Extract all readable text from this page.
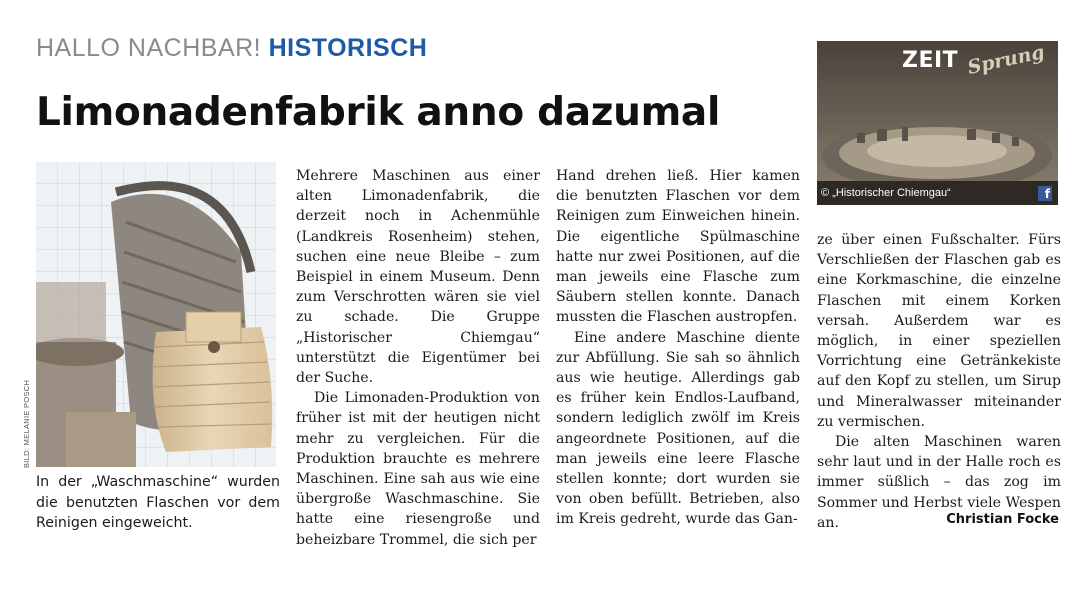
HALLO NACHBAR! HISTORISCH
Limonadenfabrik anno dazumal
BILD: MELANIE POSCH

In der „Waschmaschine“ wurden die benutzten Flaschen vor dem Reinigen eingeweicht.

ZEIT Sprung
© „Historischer Chiemgau“	f
Mehrere Maschinen aus einer alten Limonadenfabrik, die derzeit noch in Achenmühle (Landkreis Rosenheim) stehen, suchen eine neue Bleibe – zum Beispiel in einem Museum. Denn zum Verschrotten wären sie viel zu schade. Die Gruppe „Historischer Chiemgau“ unterstützt die Eigentümer bei der Suche.
Die Limonaden-Produktion von früher ist mit der heutigen nicht mehr zu vergleichen. Für die Produktion brauchte es mehrere Maschinen. Eine sah aus wie eine übergroße Waschmaschine. Sie hatte eine riesengroße und beheizbare Trommel, die sich per
Hand drehen ließ. Hier kamen die benutzten Flaschen vor dem Reinigen zum Einweichen hinein. Die eigentliche Spülmaschine hatte nur zwei Positionen, auf die man jeweils eine Flasche zum Säubern stellen konnte. Danach mussten die Flaschen austropfen.
Eine andere Maschine diente zur Abfüllung. Sie sah so ähnlich aus wie heutige. Allerdings gab es früher kein Endlos-Laufband, sondern lediglich zwölf im Kreis angeordnete Positionen, auf die man jeweils eine leere Flasche stellen konnte; dort wurden sie von oben befüllt. Betrieben, also im Kreis gedreht, wurde das Gan-
ze über einen Fußschalter. Fürs Verschließen der Flaschen gab es eine Korkmaschine, die einzelne Flaschen mit einem Korken versah. Außerdem war es möglich, in einer speziellen Vorrichtung eine Getränkekiste auf den Kopf zu stellen, um Sirup und Mineralwasser miteinander zu vermischen.
Die alten Maschinen waren sehr laut und in der Halle roch es immer süßlich – das zog im Sommer und Herbst viele Wespen an.	Christian Focke
